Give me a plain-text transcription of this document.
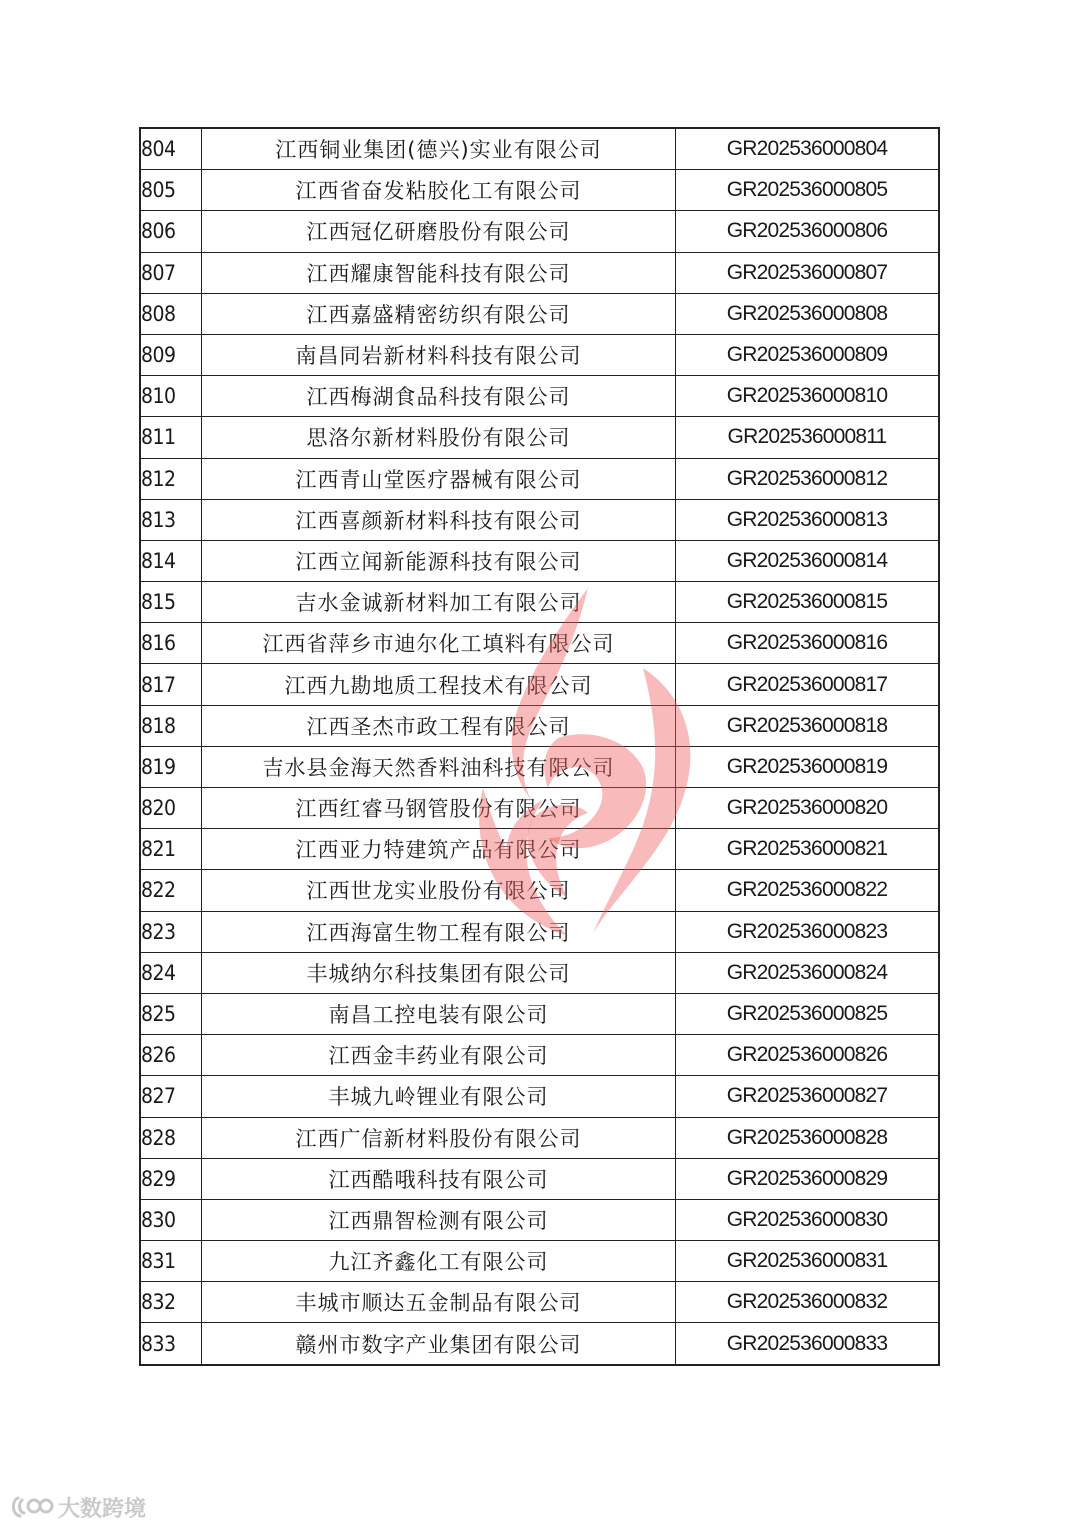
804	江西铜业集团(德兴)实业有限公司	GR202536000804
805	江西省奋发粘胶化工有限公司	GR202536000805
806	江西冠亿研磨股份有限公司	GR202536000806
807	江西耀康智能科技有限公司	GR202536000807
808	江西嘉盛精密纺织有限公司	GR202536000808
809	南昌同岩新材料科技有限公司	GR202536000809
810	江西梅湖食品科技有限公司	GR202536000810
811	思洛尔新材料股份有限公司	GR202536000811
812	江西青山堂医疗器械有限公司	GR202536000812
813	江西喜颜新材料科技有限公司	GR202536000813
814	江西立闻新能源科技有限公司	GR202536000814
815	吉水金诚新材料加工有限公司	GR202536000815
816	江西省萍乡市迪尔化工填料有限公司	GR202536000816
817	江西九勘地质工程技术有限公司	GR202536000817
818	江西圣杰市政工程有限公司	GR202536000818
819	吉水县金海天然香料油科技有限公司	GR202536000819
820	江西红睿马钢管股份有限公司	GR202536000820
821	江西亚力特建筑产品有限公司	GR202536000821
822	江西世龙实业股份有限公司	GR202536000822
823	江西海富生物工程有限公司	GR202536000823
824	丰城纳尔科技集团有限公司	GR202536000824
825	南昌工控电装有限公司	GR202536000825
826	江西金丰药业有限公司	GR202536000826
827	丰城九岭锂业有限公司	GR202536000827
828	江西广信新材料股份有限公司	GR202536000828
829	江西酷哦科技有限公司	GR202536000829
830	江西鼎智检测有限公司	GR202536000830
831	九江齐鑫化工有限公司	GR202536000831
832	丰城市顺达五金制品有限公司	GR202536000832
833	赣州市数字产业集团有限公司	GR202536000833
大数跨境
